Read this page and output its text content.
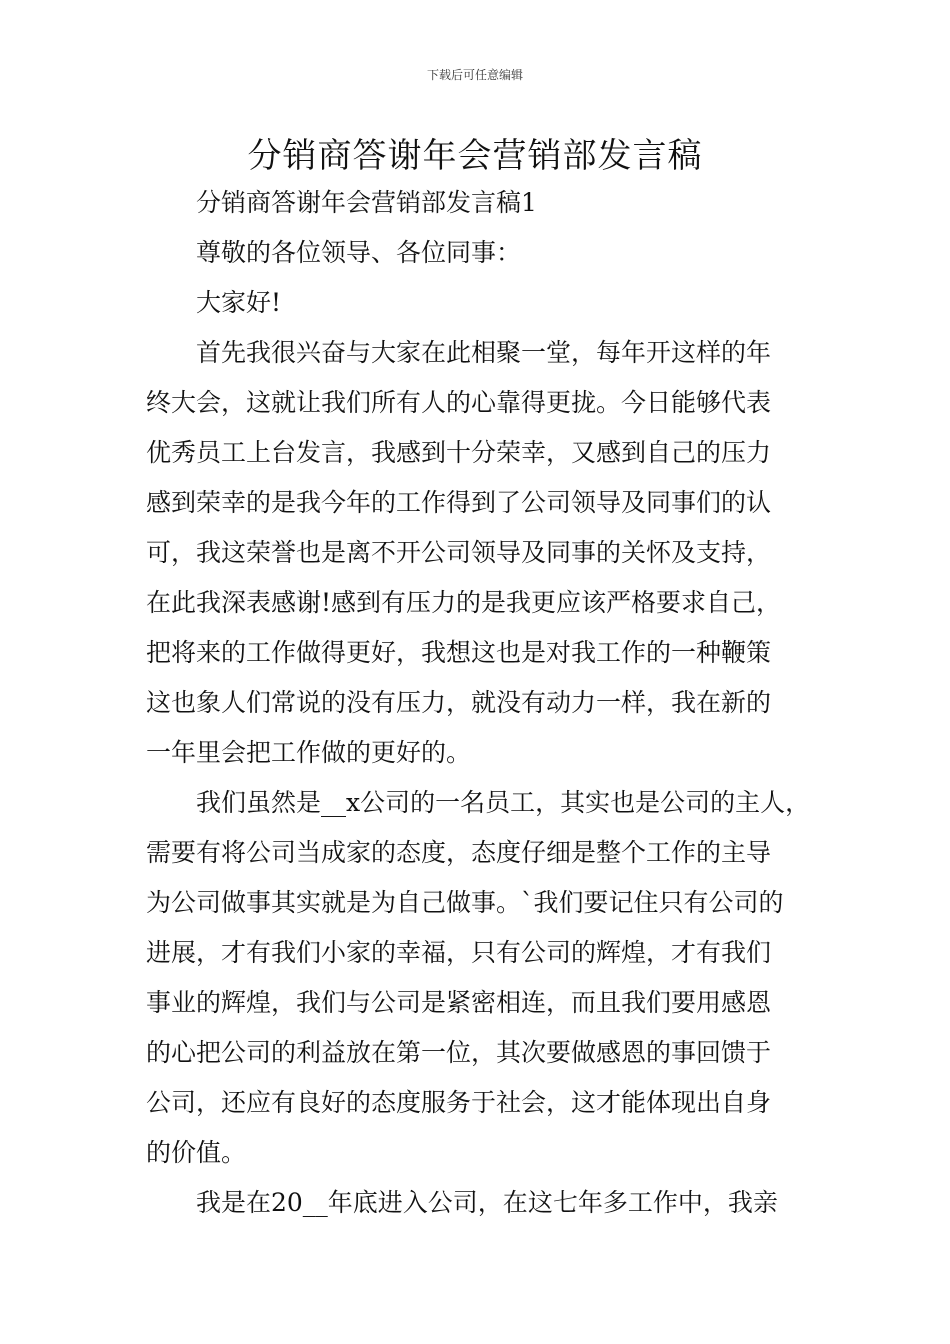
下载后可任意编辑
分销商答谢年会营销部发言稿
分销商答谢年会营销部发言稿1
尊敬的各位领导、各位同事：
大家好!
首先我很兴奋与大家在此相聚一堂，每年开这样的年
终大会，这就让我们所有人的心靠得更拢。今日能够代表
优秀员工上台发言，我感到十分荣幸，又感到自己的压力
感到荣幸的是我今年的工作得到了公司领导及同事们的认
可，我这荣誉也是离不开公司领导及同事的关怀及支持，
在此我深表感谢!感到有压力的是我更应该严格要求自己，
把将来的工作做得更好，我想这也是对我工作的一种鞭策
这也象人们常说的没有压力，就没有动力一样，我在新的
一年里会把工作做的更好的。
我们虽然是__x公司的一名员工，其实也是公司的主人，
需要有将公司当成家的态度，态度仔细是整个工作的主导
为公司做事其实就是为自己做事。`我们要记住只有公司的
进展，才有我们小家的幸福，只有公司的辉煌，才有我们
事业的辉煌，我们与公司是紧密相连，而且我们要用感恩
的心把公司的利益放在第一位，其次要做感恩的事回馈于
公司，还应有良好的态度服务于社会，这才能体现出自身
的价值。
我是在20__年底进入公司，在这七年多工作中，我亲
